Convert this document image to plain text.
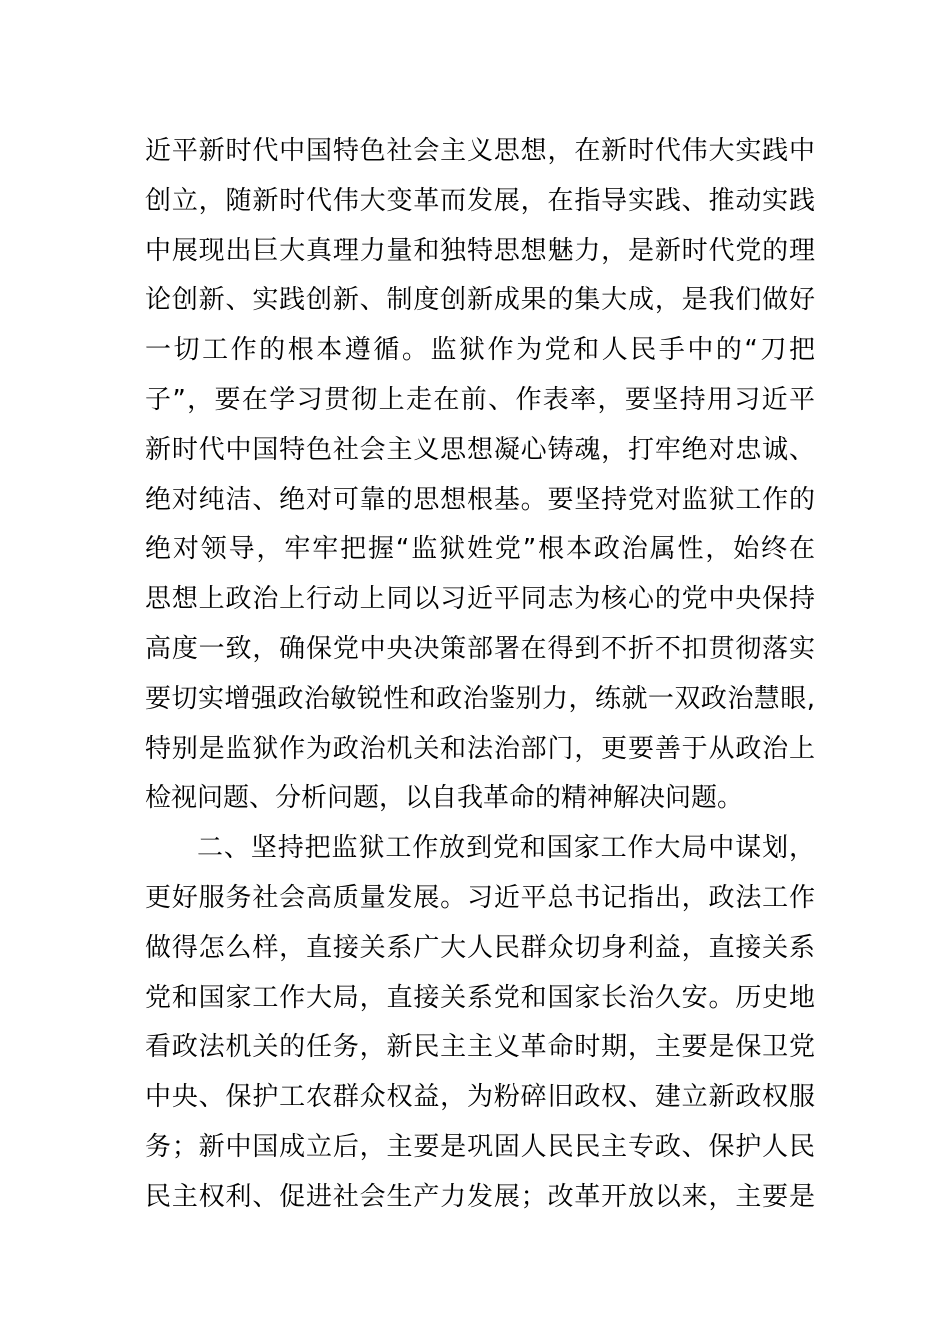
近平新时代中国特色社会主义思想，在新时代伟大实践中
创立，随新时代伟大变革而发展，在指导实践、推动实践
中展现出巨大真理力量和独特思想魅力，是新时代党的理
论创新、实践创新、制度创新成果的集大成，是我们做好
一切工作的根本遵循。监狱作为党和人民手中的“刀把
子”，要在学习贯彻上走在前、作表率，要坚持用习近平
新时代中国特色社会主义思想凝心铸魂，打牢绝对忠诚、
绝对纯洁、绝对可靠的思想根基。要坚持党对监狱工作的
绝对领导，牢牢把握“监狱姓党”根本政治属性，始终在
思想上政治上行动上同以习近平同志为核心的党中央保持
高度一致，确保党中央决策部署在得到不折不扣贯彻落实
要切实增强政治敏锐性和政治鉴别力，练就一双政治慧眼,
特别是监狱作为政治机关和法治部门，更要善于从政治上
检视问题、分析问题，以自我革命的精神解决问题。
二、坚持把监狱工作放到党和国家工作大局中谋划，
更好服务社会高质量发展。习近平总书记指出，政法工作
做得怎么样，直接关系广大人民群众切身利益，直接关系
党和国家工作大局，直接关系党和国家长治久安。历史地
看政法机关的任务，新民主主义革命时期，主要是保卫党
中央、保护工农群众权益，为粉碎旧政权、建立新政权服
务；新中国成立后，主要是巩固人民民主专政、保护人民
民主权利、促进社会生产力发展；改革开放以来，主要是
